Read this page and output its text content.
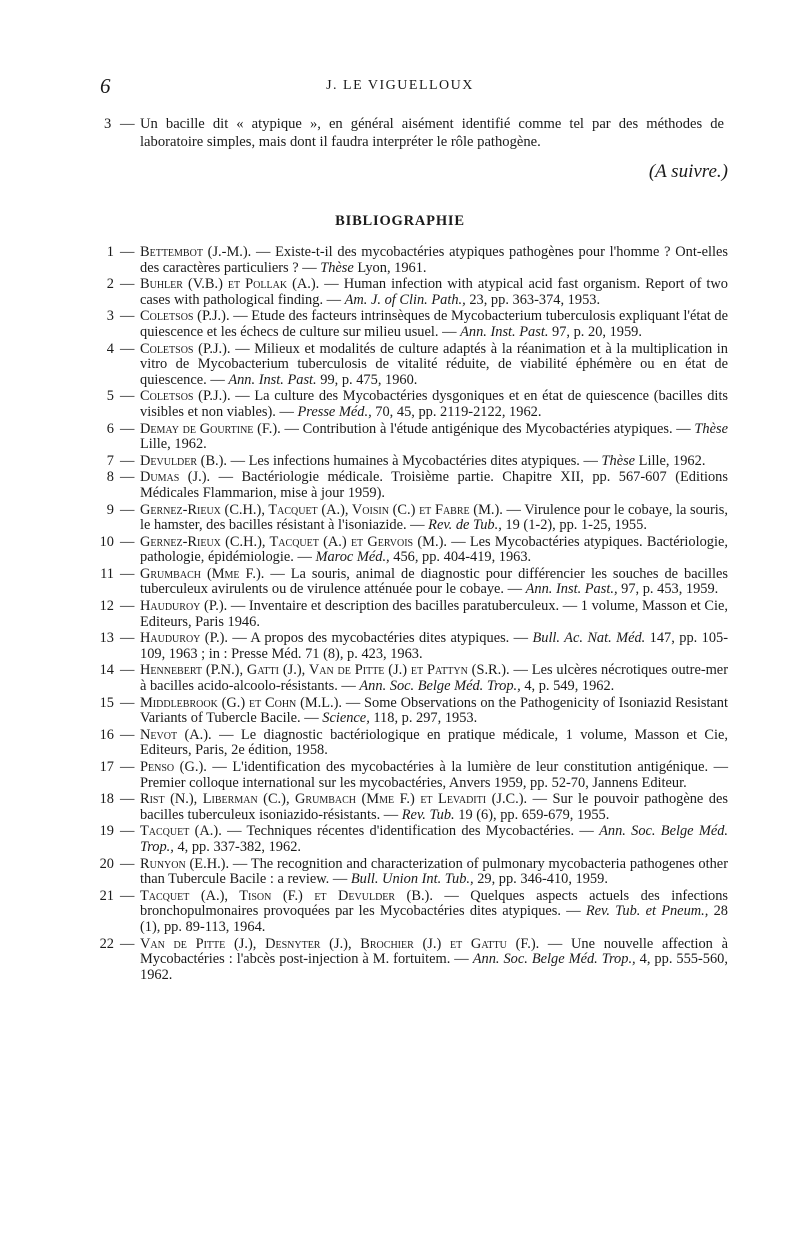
6	J. LE VIGUELLOUX
3 — Un bacille dit « atypique », en général aisément identifié comme tel par des méthodes de laboratoire simples, mais dont il faudra interpréter le rôle pathogène.
(A suivre.)
BIBLIOGRAPHIE
1 — Bettembot (J.-M.). — Existe-t-il des mycobactéries atypiques pathogènes pour l'homme ? Ont-elles des caractères particuliers ? — Thèse Lyon, 1961.
2 — Buhler (V.B.) et Pollak (A.). — Human infection with atypical acid fast organism. Report of two cases with pathological finding. — Am. J. of Clin. Path., 23, pp. 363-374, 1953.
3 — Coletsos (P.J.). — Etude des facteurs intrinsèques de Mycobacterium tuberculosis expliquant l'état de quiescence et les échecs de culture sur milieu usuel. — Ann. Inst. Past. 97, p. 20, 1959.
4 — Coletsos (P.J.). — Milieux et modalités de culture adaptés à la réanimation et à la multiplication in vitro de Mycobacterium tuberculosis de vitalité réduite, de viabilité éphémère ou en état de quiescence. — Ann. Inst. Past. 99, p. 475, 1960.
5 — Coletsos (P.J.). — La culture des Mycobactéries dysgoniques et en état de quiescence (bacilles dits visibles et non viables). — Presse Méd., 70, 45, pp. 2119-2122, 1962.
6 — Demay de Gourtine (F.). — Contribution à l'étude antigénique des Mycobactéries atypiques. — Thèse Lille, 1962.
7 — Devulder (B.). — Les infections humaines à Mycobactéries dites atypiques. — Thèse Lille, 1962.
8 — Dumas (J.). — Bactériologie médicale. Troisième partie. Chapitre XII, pp. 567-607 (Editions Médicales Flammarion, mise à jour 1959).
9 — Gernez-Rieux (C.H.), Tacquet (A.), Voisin (C.) et Fabre (M.). — Virulence pour le cobaye, la souris, le hamster, des bacilles résistant à l'isoniazide. — Rev. de Tub., 19 (1-2), pp. 1-25, 1955.
10 — Gernez-Rieux (C.H.), Tacquet (A.) et Gervois (M.). — Les Mycobactéries atypiques. Bactériologie, pathologie, épidémiologie. — Maroc Méd., 456, pp. 404-419, 1963.
11 — Grumbach (Mme F.). — La souris, animal de diagnostic pour différencier les souches de bacilles tuberculeux avirulents ou de virulence atténuée pour le cobaye. — Ann. Inst. Past., 97, p. 453, 1959.
12 — Hauduroy (P.). — Inventaire et description des bacilles paratuberculeux. — 1 volume, Masson et Cie, Editeurs, Paris 1946.
13 — Hauduroy (P.). — A propos des mycobactéries dites atypiques. — Bull. Ac. Nat. Méd. 147, pp. 105-109, 1963 ; in : Presse Méd. 71 (8), p. 423, 1963.
14 — Hennebert (P.N.), Gatti (J.), Van de Pitte (J.) et Pattyn (S.R.). — Les ulcères nécrotiques outre-mer à bacilles acido-alcoolo-résistants. — Ann. Soc. Belge Méd. Trop., 4, p. 549, 1962.
15 — Middlebrook (G.) et Cohn (M.L.). — Some Observations on the Pathogenicity of Isoniazid Resistant Variants of Tubercle Bacile. — Science, 118, p. 297, 1953.
16 — Nevot (A.). — Le diagnostic bactériologique en pratique médicale, 1 volume, Masson et Cie, Editeurs, Paris, 2e édition, 1958.
17 — Penso (G.). — L'identification des mycobactéries à la lumière de leur constitution antigénique. — Premier colloque international sur les mycobactéries, Anvers 1959, pp. 52-70, Jannens Editeur.
18 — Rist (N.), Liberman (C.), Grumbach (Mme F.) et Levaditi (J.C.). — Sur le pouvoir pathogène des bacilles tuberculeux isoniazido-résistants. — Rev. Tub. 19 (6), pp. 659-679, 1955.
19 — Tacquet (A.). — Techniques récentes d'identification des Mycobactéries. — Ann. Soc. Belge Méd. Trop., 4, pp. 337-382, 1962.
20 — Runyon (E.H.). — The recognition and characterization of pulmonary mycobacteria pathogenes other than Tubercule Bacile : a review. — Bull. Union Int. Tub., 29, pp. 346-410, 1959.
21 — Tacquet (A.), Tison (F.) et Devulder (B.). — Quelques aspects actuels des infections bronchopulmonaires provoquées par les Mycobactéries dites atypiques. — Rev. Tub. et Pneum., 28 (1), pp. 89-113, 1964.
22 — Van de Pitte (J.), Desnyter (J.), Brochier (J.) et Gattu (F.). — Une nouvelle affection à Mycobactéries : l'abcès post-injection à M. fortuitem. — Ann. Soc. Belge Méd. Trop., 4, pp. 555-560, 1962.
